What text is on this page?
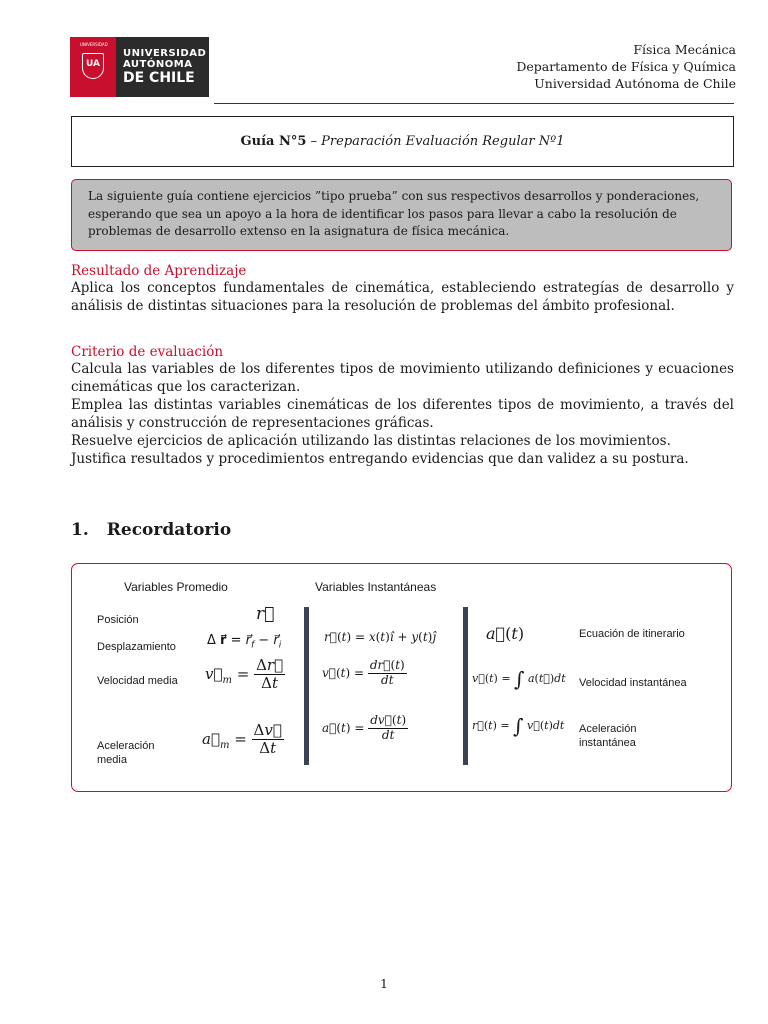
UNIVERSIDAD
UA
UNIVERSIDAD
AUTÓNOMA
DE CHILE
Física Mecánica
Departamento de Física y Química
Universidad Autónoma de Chile
Guía N°5 – Preparación Evaluación Regular Nº1
La siguiente guía contiene ejercicios ”tipo prueba” con sus respectivos desarrollos y ponderaciones, esperando que sea un apoyo a la hora de identificar los pasos para llevar a cabo la resolución de problemas de desarrollo extenso en la asignatura de física mecánica.
Resultado de Aprendizaje
Aplica los conceptos fundamentales de cinemática, estableciendo estrategías de desarrollo y análisis de distintas situaciones para la resolución de problemas del ámbito profesional.
Criterio de evaluación
Calcula las variables de los diferentes tipos de movimiento utilizando definiciones y ecuaciones cinemáticas que los caracterizan.
Emplea las distintas variables cinemáticas de los diferentes tipos de movimiento, a través del análisis y construcción de representaciones gráficas.
Resuelve ejercicios de aplicación utilizando las distintas relaciones de los movimientos.
Justifica resultados y procedimientos entregando evidencias que dan validez a su postura.
1. Recordatorio
Variables Promedio	Variables Instantáneas
Posición
Desplazamiento
Velocidad media
Aceleración media
r⃗
Δ r⃗ = $r⃗_f$ − $r⃗_i$
$v⃗_m = \frac{\Delta r⃗}{\Delta t}$
$a⃗_m = \frac{\Delta v⃗}{\Delta t}$
r⃗(t) = x(t)î + y(t)ĵ
v⃗(t) = $\frac{dr⃗(t)}{dt}$
a⃗(t) = $\frac{dv⃗(t)}{dt}$
a⃗(t)
v⃗(t) = ∫ a(t⃗)dt
r⃗(t) = ∫ v⃗(t)dt
Ecuación de itinerario
Velocidad instantánea
Aceleración instantánea
1
